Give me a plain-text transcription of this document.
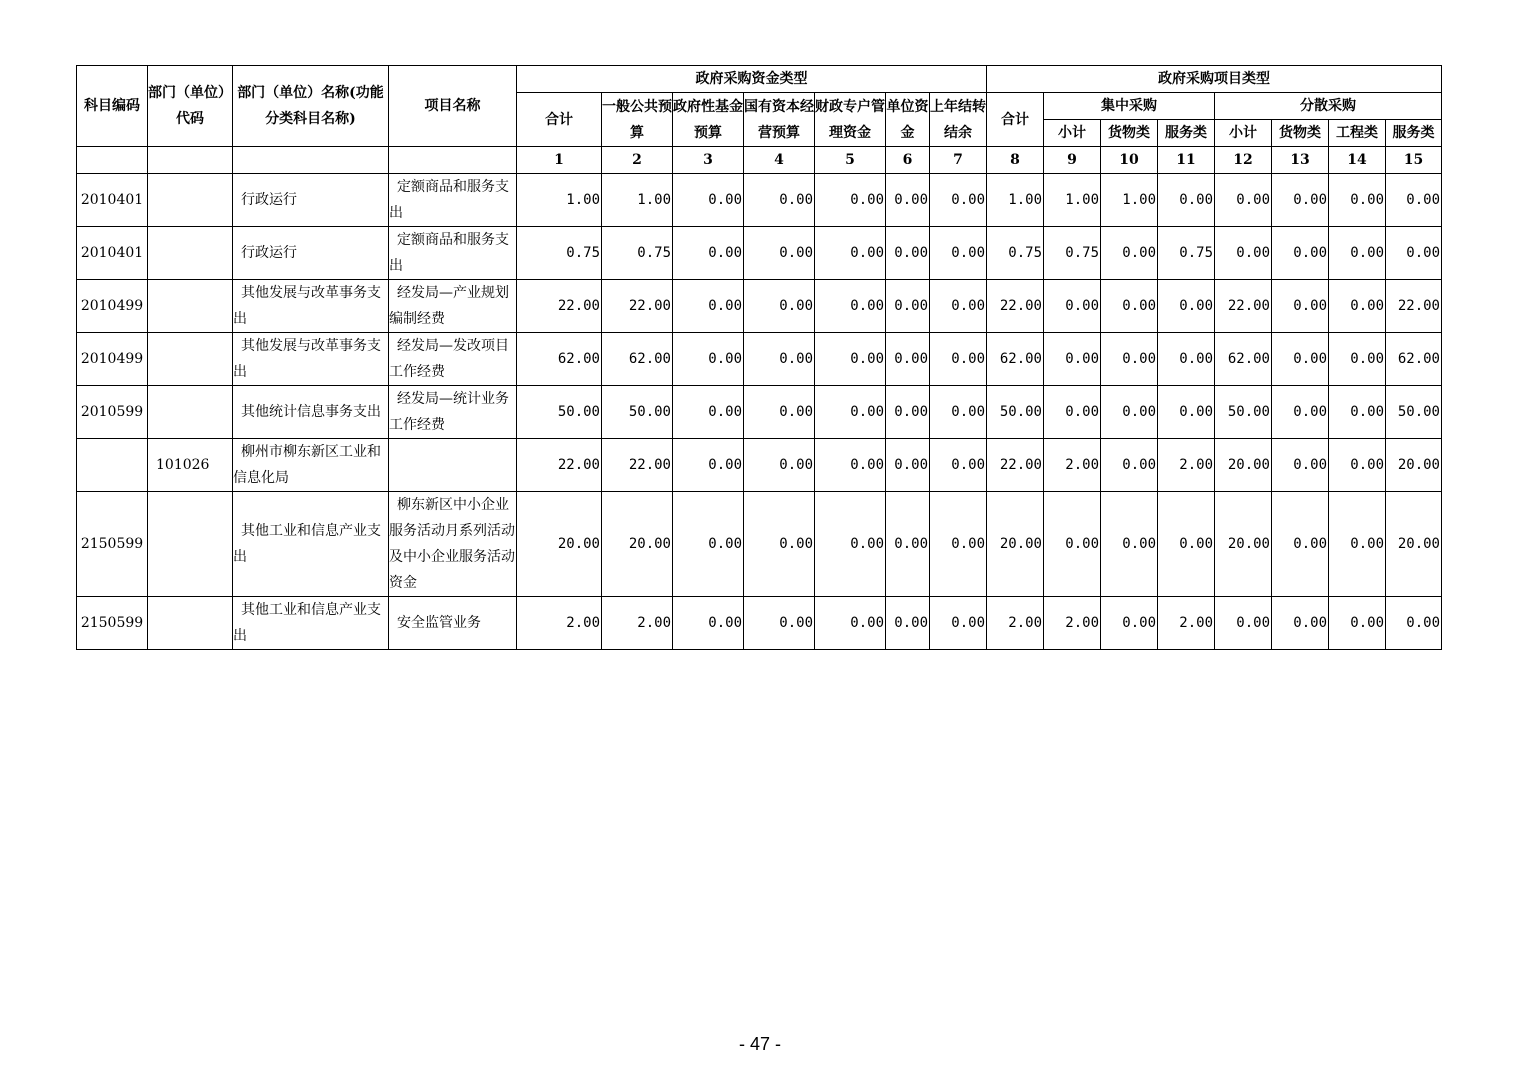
科目编码	部门（单位）代码	部门（单位）名称(功能分类科目名称)	项目名称	政府采购资金类型							政府采购项目类型							
				合计	一般公共预算	政府性基金预算	国有资本经营预算	财政专户管理资金	单位资金	上年结转结余	合计	集中采购			分散采购			
												小计	货物类	服务类	小计	货物类	工程类	服务类
				1	2	3	4	5	6	7	8	9	10	11	12	13	14	15
2010401		行政运行	定额商品和服务支出	1.00	1.00	0.00	0.00	0.00	0.00	0.00	1.00	1.00	1.00	0.00	0.00	0.00	0.00	0.00
2010401		行政运行	定额商品和服务支出	0.75	0.75	0.00	0.00	0.00	0.00	0.00	0.75	0.75	0.00	0.75	0.00	0.00	0.00	0.00
2010499		其他发展与改革事务支出	经发局—产业规划编制经费	22.00	22.00	0.00	0.00	0.00	0.00	0.00	22.00	0.00	0.00	0.00	22.00	0.00	0.00	22.00
2010499		其他发展与改革事务支出	经发局—发改项目工作经费	62.00	62.00	0.00	0.00	0.00	0.00	0.00	62.00	0.00	0.00	0.00	62.00	0.00	0.00	62.00
2010599		其他统计信息事务支出	经发局—统计业务工作经费	50.00	50.00	0.00	0.00	0.00	0.00	0.00	50.00	0.00	0.00	0.00	50.00	0.00	0.00	50.00
	101026	柳州市柳东新区工业和信息化局		22.00	22.00	0.00	0.00	0.00	0.00	0.00	22.00	2.00	0.00	2.00	20.00	0.00	0.00	20.00
2150599		其他工业和信息产业支出	柳东新区中小企业服务活动月系列活动及中小企业服务活动资金	20.00	20.00	0.00	0.00	0.00	0.00	0.00	20.00	0.00	0.00	0.00	20.00	0.00	0.00	20.00
2150599		其他工业和信息产业支出	安全监管业务	2.00	2.00	0.00	0.00	0.00	0.00	0.00	2.00	2.00	0.00	2.00	0.00	0.00	0.00	0.00
- 47 -
